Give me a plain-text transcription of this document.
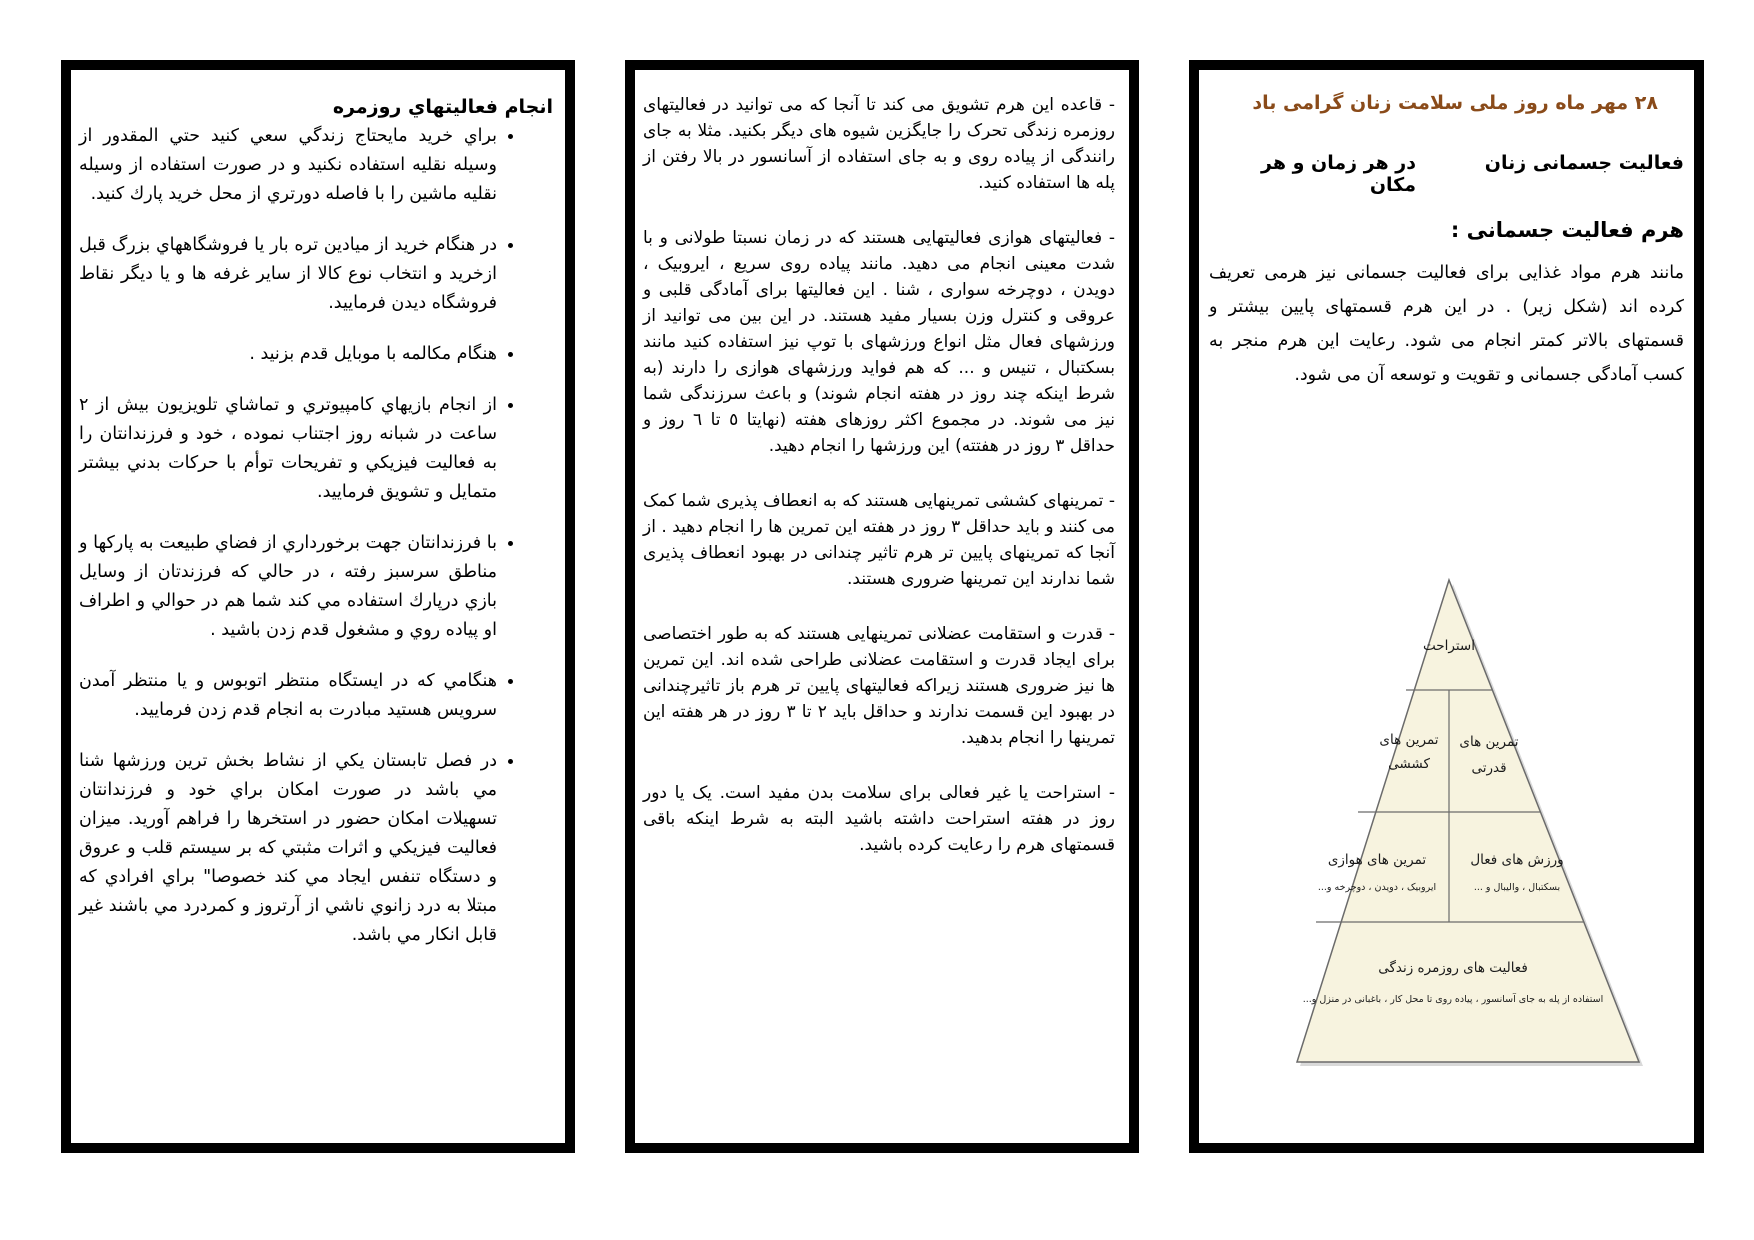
انجام فعاليتهاي روزمره
• براي خريد مايحتاج زندگي سعي كنيد حتي المقدور از وسيله نقليه استفاده نكنيد و در صورت استفاده از وسيله نقليه ماشين را با فاصله دورتري از محل خريد پارك كنيد.
• در هنگام خريد از ميادين تره بار يا فروشگاههاي بزرگ قبل ازخريد و انتخاب نوع كالا از ساير غرفه ها و يا ديگر نقاط فروشگاه ديدن فرماييد.
• هنگام مكالمه با موبايل قدم بزنيد .
• از انجام بازيهاي كامپيوتري و تماشاي تلويزيون بيش از ۲ ساعت در شبانه روز اجتناب نموده ، خود و فرزندانتان را به فعاليت فيزيكي و تفريحات توأم با حركات بدني بيشتر متمايل و تشويق فرماييد.
• با فرزندانتان جهت برخورداري از فضاي طبيعت به پاركها و مناطق سرسبز رفته ، در حالي كه فرزندتان از وسايل بازي درپارك استفاده مي كند شما هم در حوالي و اطراف او پياده روي و مشغول قدم زدن باشيد .
• هنگامي كه در ايستگاه منتظر اتوبوس و يا منتظر آمدن سرويس هستيد مبادرت به انجام قدم زدن فرماييد.
• در فصل تابستان يكي از نشاط بخش ترين ورزشها شنا مي باشد در صورت امكان براي خود و فرزندانتان تسهيلات امكان حضور در استخرها را فراهم آوريد. ميزان فعاليت فيزيكي و اثرات مثبتي كه بر سيستم قلب و عروق و دستگاه تنفس ايجاد مي كند خصوصا" براي افرادي كه مبتلا به درد زانوي ناشي از آرتروز و كمردرد مي باشند غير قابل انكار مي باشد.

- قاعده این هرم تشویق می کند تا آنجا که می توانید در فعالیتهای روزمره زندگی تحرک را جایگزین شیوه های دیگر بکنید. مثلا به جای رانندگی از پیاده روی و به جای استفاده از آسانسور در بالا رفتن از پله ها استفاده کنید.

- فعالیتهای هوازی فعالیتهایی هستند که در زمان نسبتا طولانی و با شدت معینی انجام می دهید. مانند پیاده روی سریع ، ایروبیک ، دویدن ، دوچرخه سواری ، شنا . این فعالیتها برای آمادگی قلبی و عروقی و کنترل وزن بسیار مفید هستند. در این بین می توانید از ورزشهای فعال مثل انواع ورزشهای با توپ نیز استفاده کنید مانند بسکتبال ، تنیس و ... که هم فواید ورزشهای هوازی را دارند (به شرط اینکه چند روز در هفته انجام شوند) و باعث سرزندگی شما نیز می شوند. در مجموع اکثر روزهای هفته (نهایتا ٥ تا ٦ روز و حداقل ۳ روز در هفتته) این ورزشها را انجام دهید.

- تمرینهای کششی تمرینهایی هستند که به انعطاف پذیری شما کمک می کنند و باید حداقل ۳ روز در هفته این تمرین ها را انجام دهید . از آنجا که تمرینهای پایین تر هرم تاثیر چندانی در بهبود انعطاف پذیری شما ندارند این تمرینها ضروری هستند.

- قدرت و استقامت عضلانی تمرینهایی هستند که به طور اختصاصی برای ایجاد قدرت و استقامت عضلانی طراحی شده اند. این تمرین ها نیز ضروری هستند زیراکه فعالیتهای پایین تر هرم باز تاثیرچندانی در بهبود این قسمت ندارند و حداقل باید ۲ تا ۳ روز در هر هفته این تمرینها را انجام بدهید.

- استراحت یا غیر فعالی برای سلامت بدن مفید است. یک یا دور روز در هفته استراحت داشته باشید البته به شرط اینکه باقی قسمتهای هرم را رعایت کرده باشید.

۲۸ مهر ماه روز ملی سلامت زنان گرامی باد
فعالیت جسمانی زنان
در هر زمان و هر مکان
هرم فعالیت جسمانی :
مانند هرم مواد غذایی برای فعالیت جسمانی نیز هرمی تعریف کرده اند (شکل زیر) . در این هرم قسمتهای پایین بیشتر و قسمتهای بالاتر کمتر انجام می شود. رعایت این هرم منجر به کسب آمادگی جسمانی و تقویت و توسعه آن می شود.
استراحت
تمرین های
کششی
تمرین های
قدرتی
تمرین های هوازی
ایروبیک ، دویدن ، دوچرخه و...
ورزش های فعال
بسکتبال ، والیبال و ...
فعالیت های روزمره زندگی
استفاده از پله به جای آسانسور ، پیاده روی تا محل کار ، باغبانی در منزل و...
